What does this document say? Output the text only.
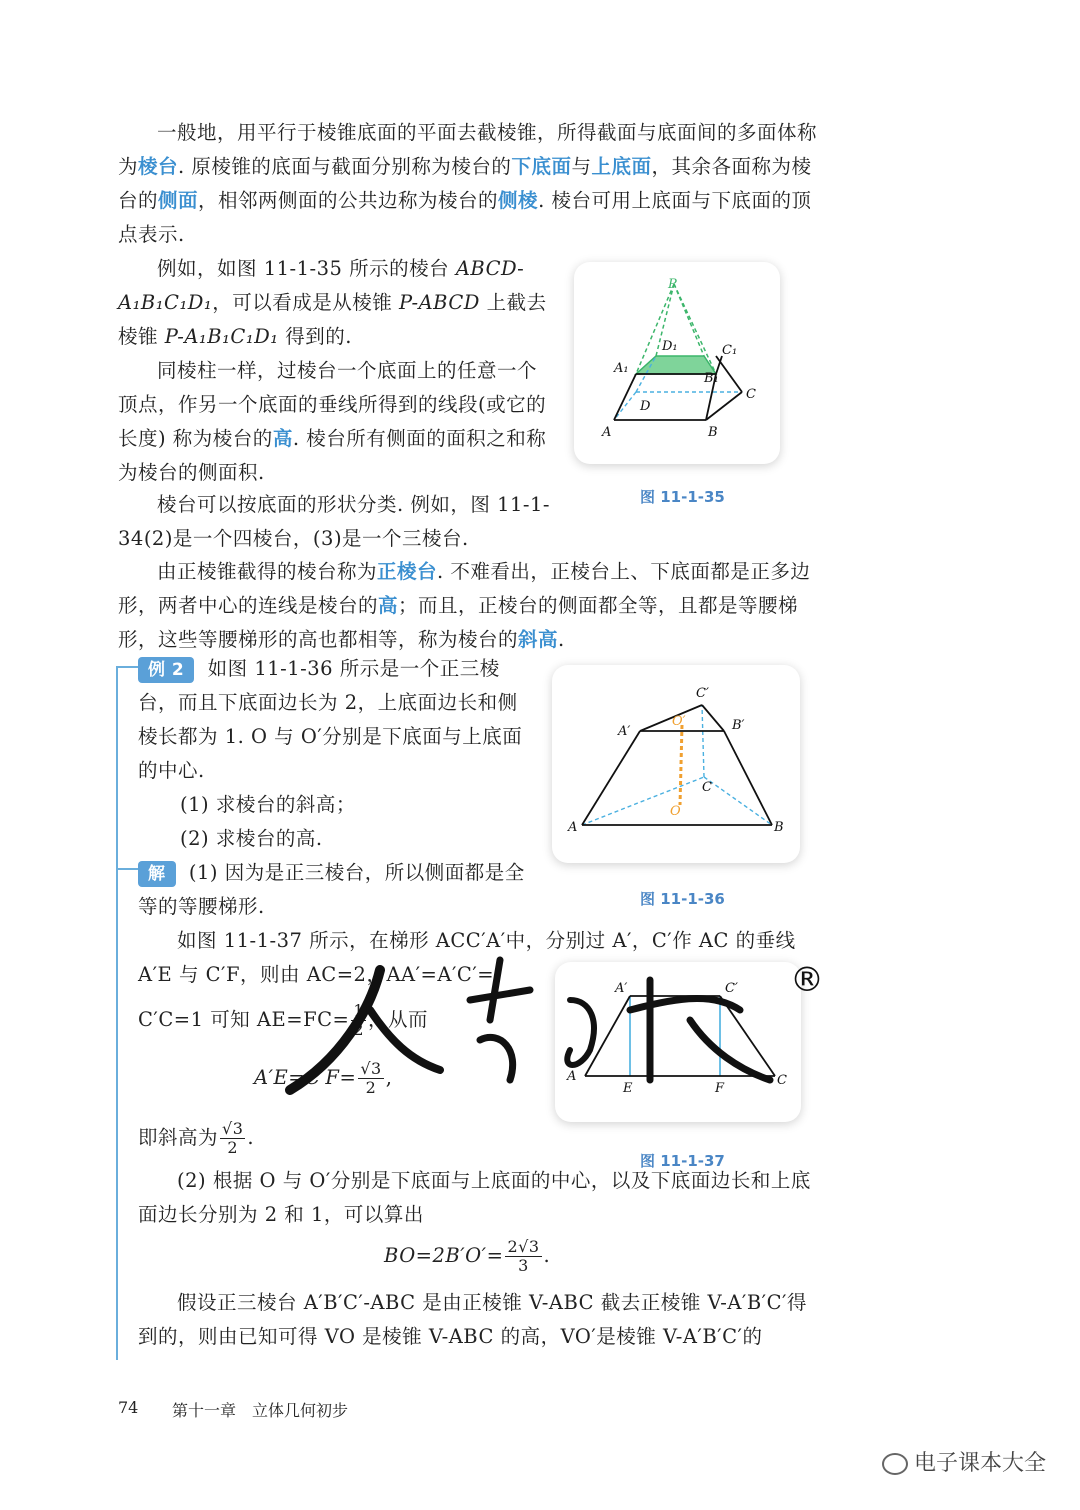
一般地，用平行于棱锥底面的平面去截棱锥，所得截面与底面间的多面体称为棱台. 原棱锥的底面与截面分别称为棱台的下底面与上底面，其余各面称为棱台的侧面，相邻两侧面的公共边称为棱台的侧棱. 棱台可用上底面与下底面的顶点表示.

例如，如图 11-1-35 所示的棱台 ABCD-A₁B₁C₁D₁，可以看成是从棱锥 P-ABCD 上截去棱锥 P-A₁B₁C₁D₁ 得到的.

同棱柱一样，过棱台一个底面上的任意一个顶点，作另一个底面的垂线所得到的线段(或它的长度) 称为棱台的高. 棱台所有侧面的面积之和称为棱台的侧面积.

棱台可以按底面的形状分类. 例如，图 11-1-34(2)是一个四棱台，(3)是一个三棱台.

由正棱锥截得的棱台称为正棱台. 不难看出，正棱台上、下底面都是正多边形，两者中心的连线是棱台的高；而且，正棱台的侧面都全等，且都是等腰梯形，这些等腰梯形的高也都相等，称为棱台的斜高.

P
D₁	C₁
A₁
B₁
C
D
A	B
图 11-1-35

例 2 如图 11-1-36 所示是一个正三棱台，而且下底面边长为 2，上底面边长和侧棱长都为 1. O 与 O′分别是下底面与上底面的中心.

(1) 求棱台的斜高；

(2) 求棱台的高.

解 (1) 因为是正三棱台，所以侧面都是全等的等腰梯形.

C′
A′	B′
O′
C
O
A	B
图 11-1-36

如图 11-1-37 所示，在梯形 ACC′A′中，分别过 A′，C′作 AC 的垂线 A′E 与 C′F，则由 AC=2，AA′=A′C′=

C′C=1 可知 $AE=FC= \frac{1}{2}$ ，从而

$A'E=C'F= \frac{√3}{2}$ ,

即斜高为 $\frac{√3}{2}$ .

A′	C′
A
E	F
C
图 11-1-37

(2) 根据 O 与 O′分别是下底面与上底面的中心，以及下底面边长和上底面边长分别为 2 和 1，可以算出

$BO=2B'O'= \frac{2√3}{3}$ .

假设正三棱台 A′B′C′-ABC 是由正棱锥 V-ABC 截去正棱锥 V-A′B′C′得到的，则由已知可得 VO 是棱锥 V-ABC 的高，VO′是棱锥 V-A′B′C′的

®
74 第十一章　立体几何初步
电子课本大全
